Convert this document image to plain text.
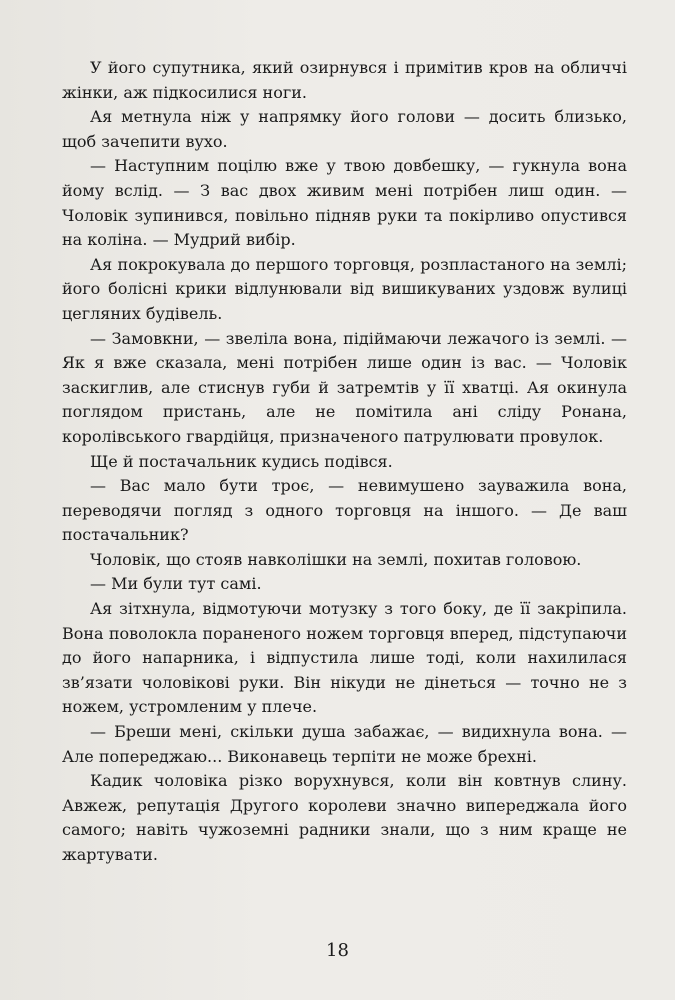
У його супутника, який озирнувся і примітив кров на обличчі жінки, аж підкосилися ноги.

Ая метнула ніж у напрямку його голови — досить близько, щоб зачепити вухо.

— Наступним поцілю вже у твою довбешку, — гукнула вона йому вслід. — З вас двох живим мені потрібен лиш один. — Чоловік зупинився, повільно підняв руки та покірливо опустився на коліна. — Мудрий вибір.

Ая покрокувала до першого торговця, розпластаного на землі; його болісні крики відлунювали від вишикуваних уздовж вулиці цегляних будівель.

— Замовкни, — звеліла вона, підіймаючи лежачого із землі. — Як я вже сказала, мені потрібен лише один із вас. — Чоловік заскиглив, але стиснув губи й затремтів у її хватці. Ая окинула поглядом пристань, але не помітила ані сліду Ронана, королівського гвардійця, призначеного патрулювати провулок.

Ще й постачальник кудись подівся.

— Вас мало бути троє, — невимушено зауважила вона, переводячи погляд з одного торговця на іншого. — Де ваш постачальник?

Чоловік, що стояв навколішки на землі, похитав головою.

— Ми були тут самі.

Ая зітхнула, відмотуючи мотузку з того боку, де її закріпила. Вона поволокла пораненого ножем торговця вперед, підступаючи до його напарника, і відпустила лише тоді, коли нахилилася зв’язати чоловікові руки. Він нікуди не дінеться — точно не з ножем, устромленим у плече.

— Бреши мені, скільки душа забажає, — видихнула вона. — Але попереджаю... Виконавець терпіти не може брехні.

Кадик чоловіка різко ворухнувся, коли він ковтнув слину. Авжеж, репутація Другого королеви значно випереджала його самого; навіть чужоземні радники знали, що з ним краще не жартувати.

18
